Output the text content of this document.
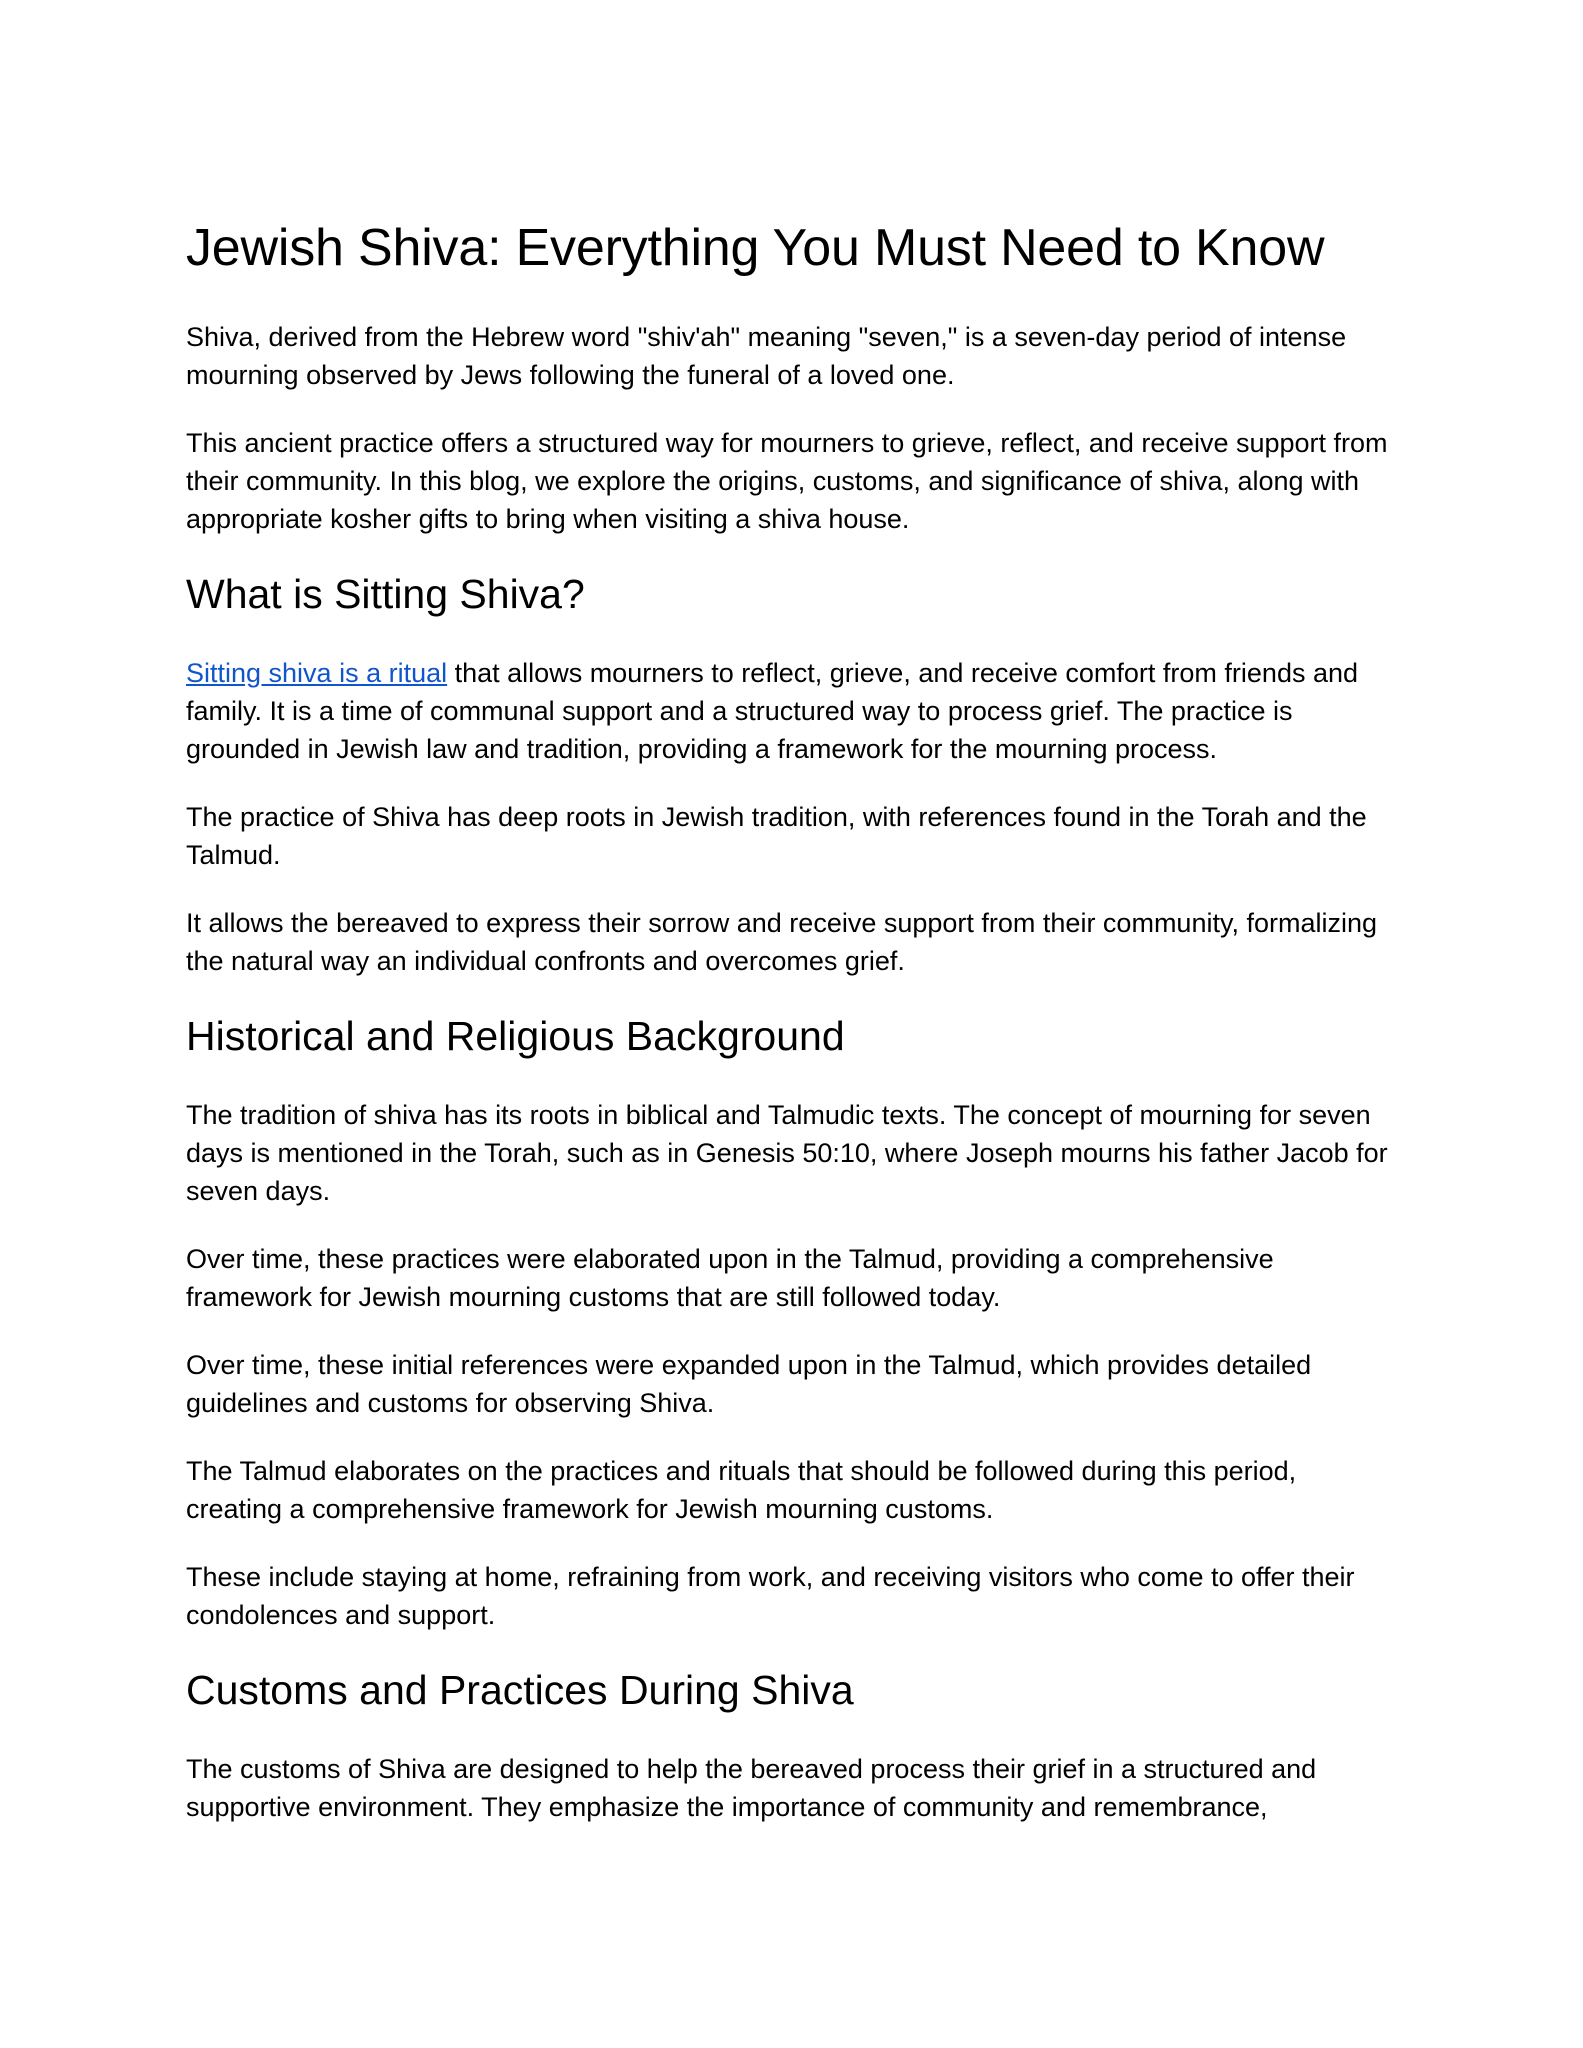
Jewish Shiva: Everything You Must Need to Know

Shiva, derived from the Hebrew word "shiv'ah" meaning "seven," is a seven-day period of intense mourning observed by Jews following the funeral of a loved one.

This ancient practice offers a structured way for mourners to grieve, reflect, and receive support from their community. In this blog, we explore the origins, customs, and significance of shiva, along with appropriate kosher gifts to bring when visiting a shiva house.

What is Sitting Shiva?

Sitting shiva is a ritual that allows mourners to reflect, grieve, and receive comfort from friends and family. It is a time of communal support and a structured way to process grief. The practice is grounded in Jewish law and tradition, providing a framework for the mourning process.

The practice of Shiva has deep roots in Jewish tradition, with references found in the Torah and the Talmud.

It allows the bereaved to express their sorrow and receive support from their community, formalizing the natural way an individual confronts and overcomes grief.

Historical and Religious Background

The tradition of shiva has its roots in biblical and Talmudic texts. The concept of mourning for seven days is mentioned in the Torah, such as in Genesis 50:10, where Joseph mourns his father Jacob for seven days.

Over time, these practices were elaborated upon in the Talmud, providing a comprehensive framework for Jewish mourning customs that are still followed today.

Over time, these initial references were expanded upon in the Talmud, which provides detailed guidelines and customs for observing Shiva.

The Talmud elaborates on the practices and rituals that should be followed during this period, creating a comprehensive framework for Jewish mourning customs.

These include staying at home, refraining from work, and receiving visitors who come to offer their condolences and support.

Customs and Practices During Shiva

The customs of Shiva are designed to help the bereaved process their grief in a structured and supportive environment. They emphasize the importance of community and remembrance,
